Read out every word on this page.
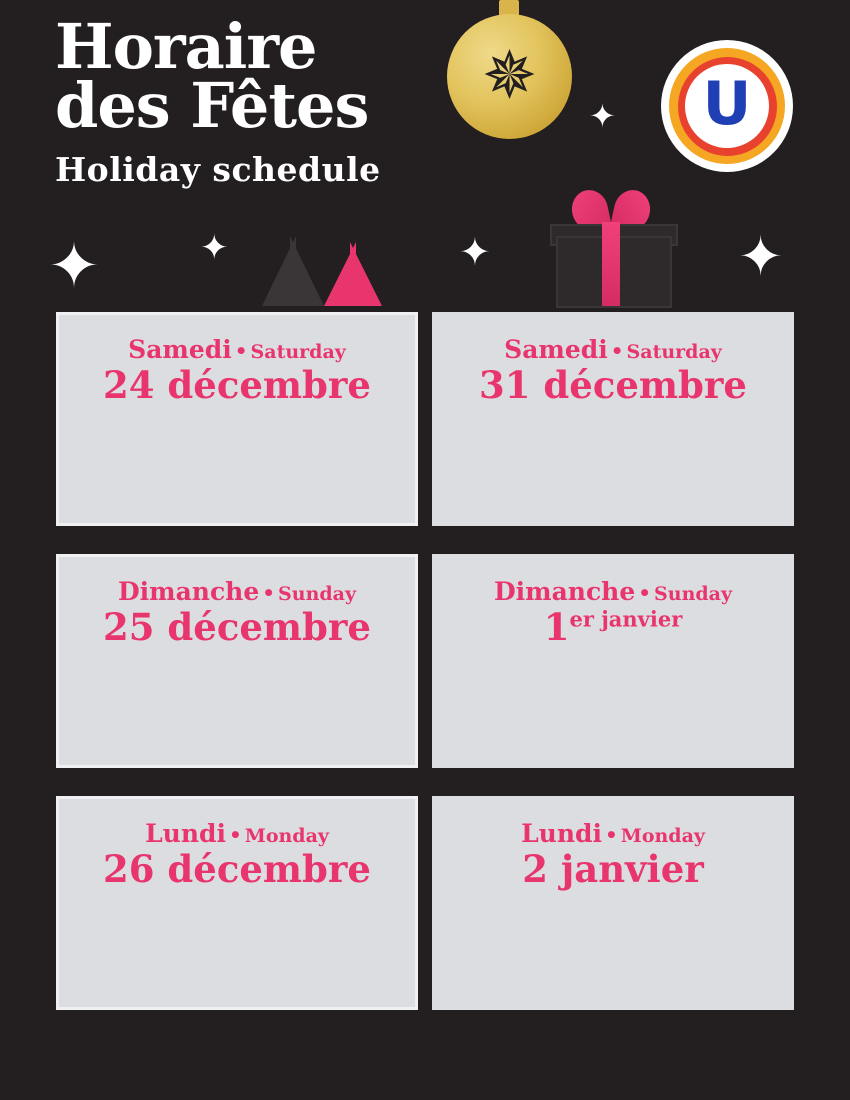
Horaire
des Fêtes
Holiday schedule
✵	U
✦	✦	✦
✦
✦
Samedi • Saturday
24 décembre
Samedi • Saturday
31 décembre
Dimanche • Sunday
25 décembre
Dimanche • Sunday
$1^{er janvier}$
Lundi • Monday
26 décembre
Lundi • Monday
2 janvier
